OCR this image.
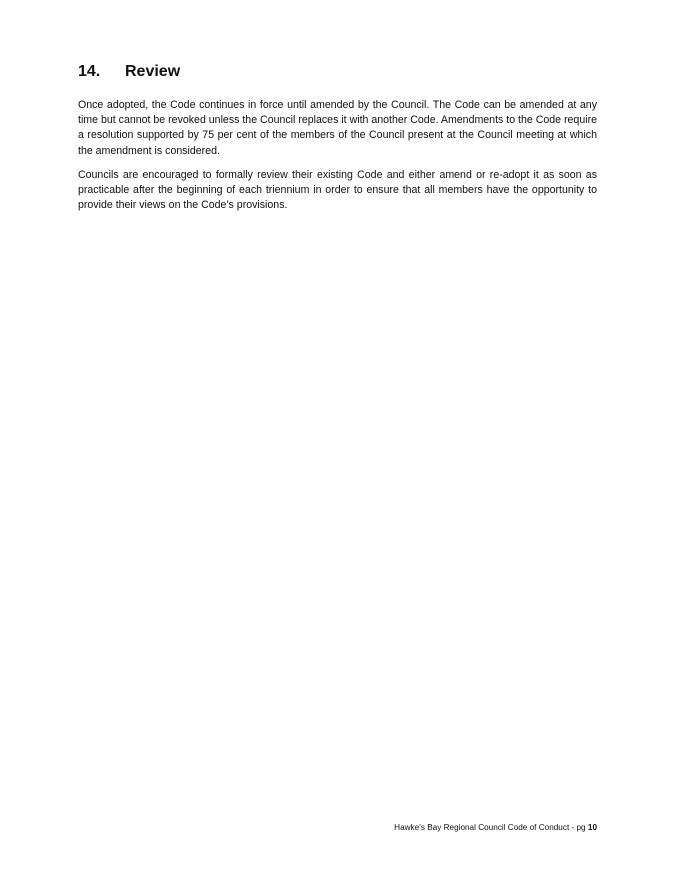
14.	Review

Once adopted, the Code continues in force until amended by the Council. The Code can be amended at any time but cannot be revoked unless the Council replaces it with another Code. Amendments to the Code require a resolution supported by 75 per cent of the members of the Council present at the Council meeting at which the amendment is considered.

Councils are encouraged to formally review their existing Code and either amend or re-adopt it as soon as practicable after the beginning of each triennium in order to ensure that all members have the opportunity to provide their views on the Code’s provisions.

Hawke’s Bay Regional Council Code of Conduct - pg 10
